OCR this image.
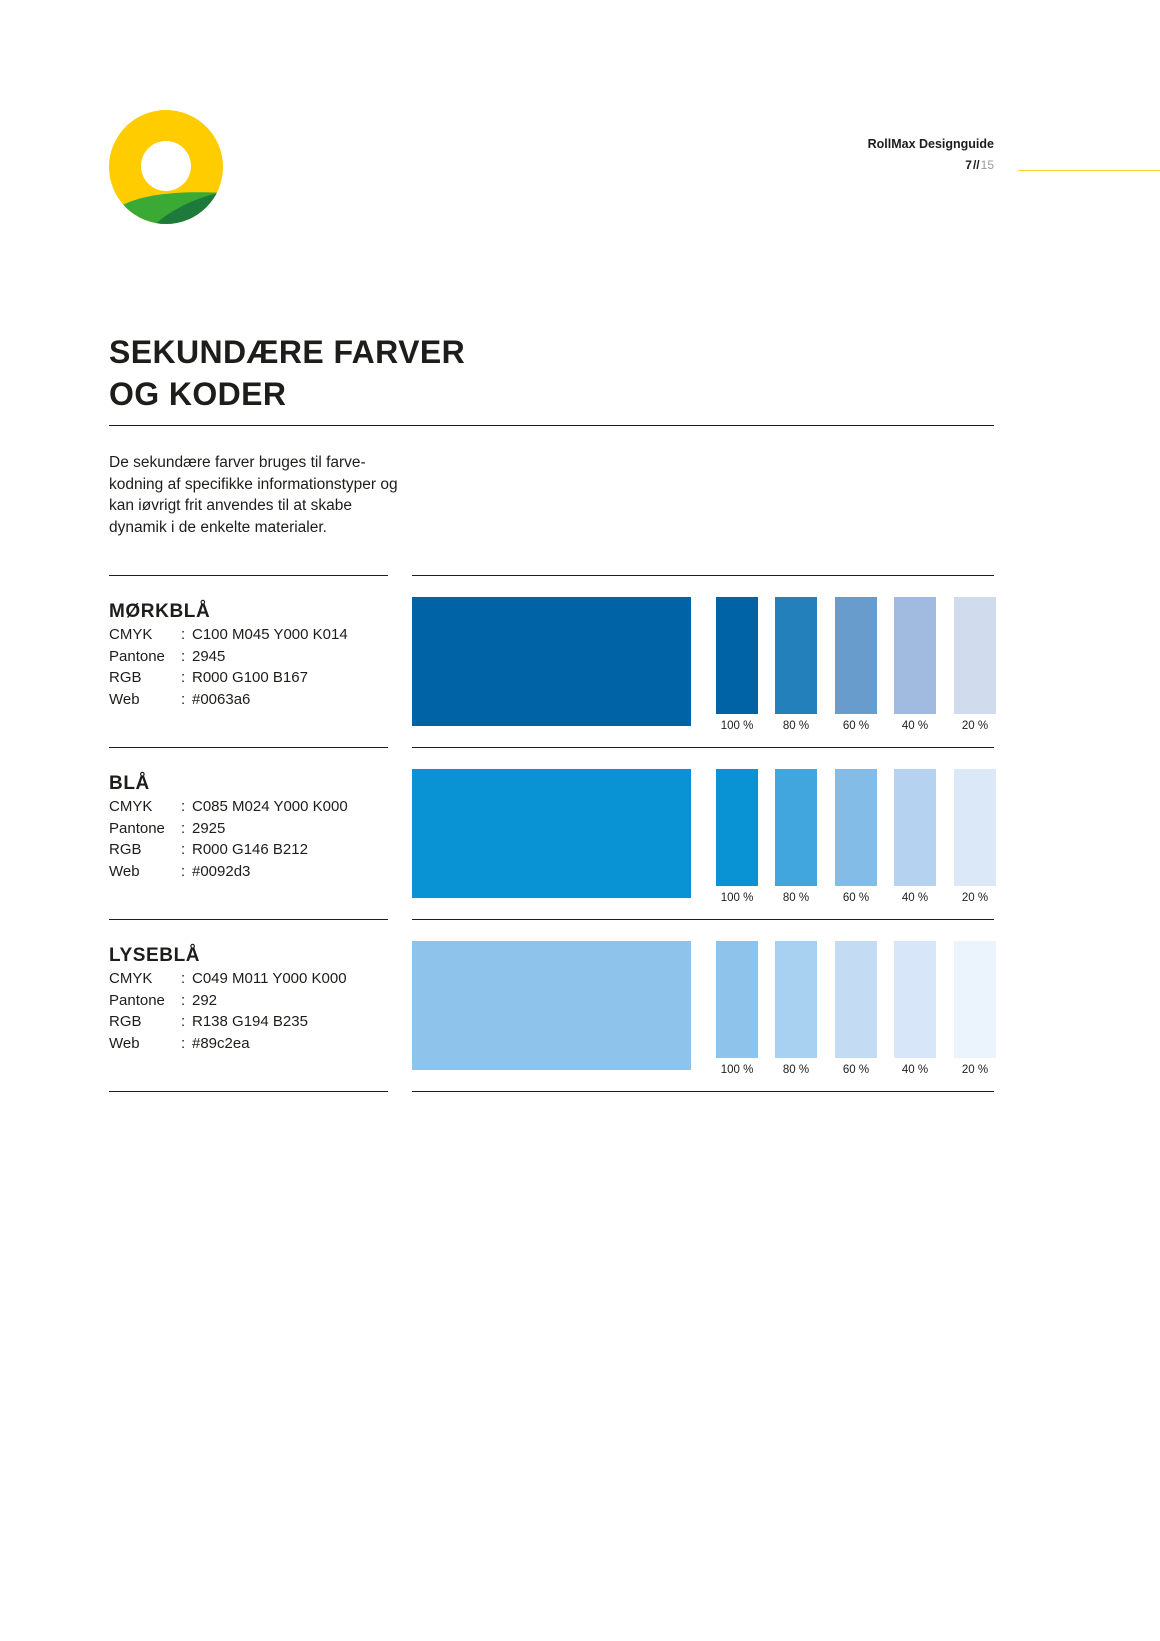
RollMax Designguide
7//15
SEKUNDÆRE FARVER
OG KODER

De sekundære farver bruges til farve-kodning af specifikke informationstyper og kan iøvrigt frit anvendes til at skabe dynamik i de enkelte materialer.

MØRKBLÅ
CMYK : C100 M045 Y000 K014
Pantone : 2945
RGB	: R000 G100 B167
Web	: #0063a6
100 %	80 %	60 %	40 %	20 %
BLÅ
CMYK : C085 M024 Y000 K000
Pantone : 2925
RGB	: R000 G146 B212
Web	: #0092d3
100 %	80 %	60 %	40 %	20 %
LYSEBLÅ
CMYK : C049 M011 Y000 K000
Pantone : 292
RGB	: R138 G194 B235
Web	: #89c2ea
100 %	80 %	60 %	40 %	20 %
